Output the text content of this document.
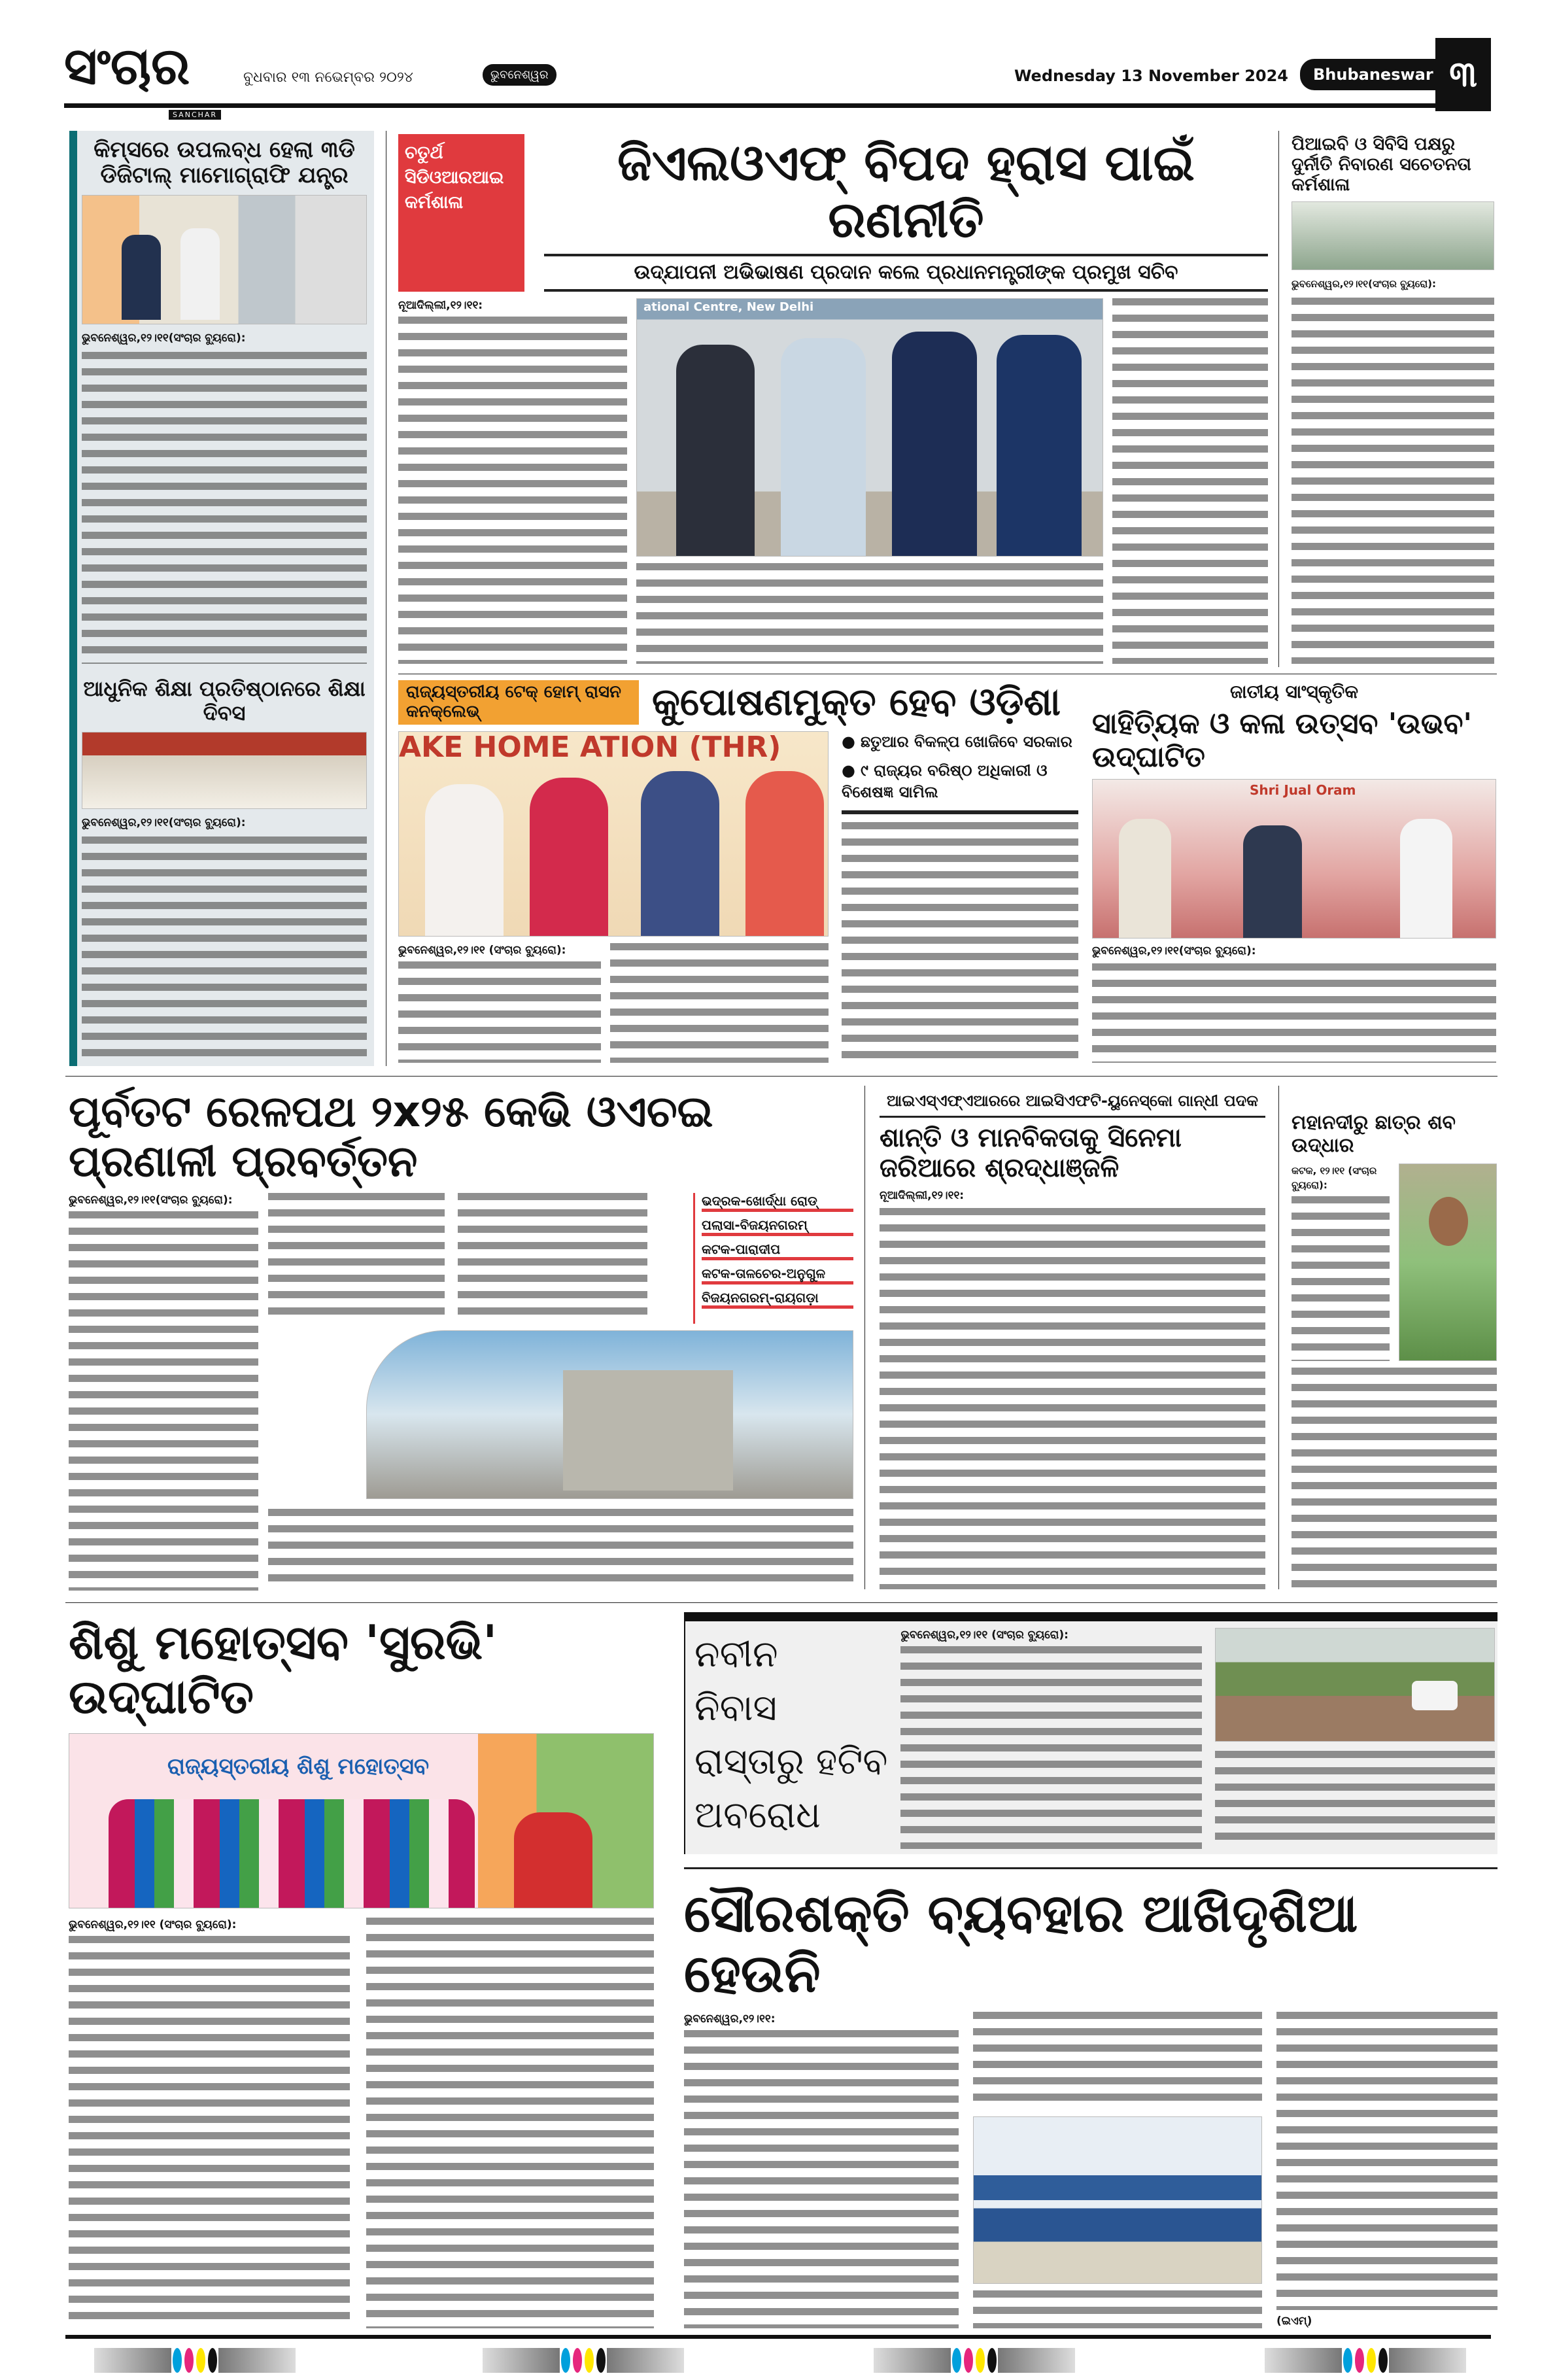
ସଂଚାର	ବୁଧବାର ୧୩ ନଭେମ୍ବର ୨୦୨୪	ଭୁବନେଶ୍ୱର	Wednesday 13 November 2024	Bhubaneswar ୩
SANCHAR
କିମ୍ସରେ ଉପଲବ୍ଧ ହେଲା ୩ଡି ଡିଜିଟାଲ୍ ମାମୋଗ୍ରାଫି ଯନ୍ତ୍ର
ଭୁବନେଶ୍ୱର,୧୨।୧୧(ସଂଚାର ବ୍ୟୁରୋ):
ଆଧୁନିକ ଶିକ୍ଷା ପ୍ରତିଷ୍ଠାନରେ ଶିକ୍ଷା ଦିବସ
ଭୁବନେଶ୍ୱର,୧୨।୧୧(ସଂଚାର ବ୍ୟୁରୋ):
ଚତୁର୍ଥ ସିଡିଓଆରଆଇ କର୍ମଶାଳା
ଜିଏଲଓଏଫ୍ ବିପଦ ହ୍ରାସ ପାଇଁ ରଣନୀତି
ଉଦ୍‌ଯାପନୀ ଅଭିଭାଷଣ ପ୍ରଦାନ କଲେ ପ୍ରଧାନମନ୍ତ୍ରୀଙ୍କ ପ୍ରମୁଖ ସଚିବ
ନୂଆଦିଲ୍ଲୀ,୧୨।୧୧:	ational Centre, New Delhi
ପିଆଇବି ଓ ସିବିସି ପକ୍ଷରୁ ଦୁର୍ନୀତି ନିବାରଣ ସଚେତନତା କର୍ମଶାଳା
ଭୁବନେଶ୍ୱର,୧୨।୧୧(ସଂଚାର ବ୍ୟୁରୋ):
ରାଜ୍ୟସ୍ତରୀୟ ଟେକ୍ ହୋମ୍ ରାସନ କନକ୍ଲେଭ୍	କୁପୋଷଣମୁକ୍ତ ହେବ ଓଡ଼ିଶା
AKE HOME ATION (THR)
ଭୁବନେଶ୍ୱର,୧୨।୧୧ (ସଂଚାର ବ୍ୟୁରୋ):
● ଛତୁଆର ବିକଳ୍ପ ଖୋଜିବେ ସରକାର
● ୯ ରାଜ୍ୟର ବରିଷ୍ଠ ଅଧିକାରୀ ଓ ବିଶେଷଜ୍ଞ ସାମିଲ
ଜାତୀୟ ସାଂସ୍କୃତିକ
ସାହିତ୍ୟିକ ଓ କଳା ଉତ୍ସବ 'ଉଭବ' ଉଦ୍‌ଘାଟିତ
Shri Jual Oram
ଭୁବନେଶ୍ୱର,୧୨।୧୧(ସଂଚାର ବ୍ୟୁରୋ):
ପୂର୍ବତଟ ରେଳପଥ ୨x୨୫ କେଭି ଓଏଚଇ ପ୍ରଣାଳୀ ପ୍ରବର୍ତ୍ତନ
ଭୁବନେଶ୍ୱର,୧୨।୧୧(ସଂଚାର ବ୍ୟୁରୋ):	ଭଦ୍ରକ-ଖୋର୍ଦ୍ଧା ରୋଡ୍
ପଲାସା-ବିଜୟନଗରମ୍
କଟକ-ପାରାଦୀପ
କଟକ-ତାଳଚେର-ଅନୁଗୁଳ
ବିଜୟନଗରମ୍-ରାୟଗଡ଼ା
ଆଇଏସ୍‌ଏଫ୍‌ଏଆରରେ ଆଇସିଏଫଟି-ୟୁନେସ୍କୋ ଗାନ୍ଧୀ ପଦକ
ଶାନ୍ତି ଓ ମାନବିକତାକୁ ସିନେମା ଜରିଆରେ ଶ୍ରଦ୍ଧାଞ୍ଜଳି
ନୂଆଦିଲ୍ଲୀ,୧୨।୧୧:
ମହାନଦୀରୁ ଛାତ୍ର ଶବ ଉଦ୍ଧାର
କଟକ, ୧୨।୧୧ (ସଂଚାର ବ୍ୟୁରୋ):
ଶିଶୁ ମହୋତ୍ସବ 'ସୁରଭି' ଉଦ୍‌ଘାଟିତ
ରାଜ୍ୟସ୍ତରୀୟ ଶିଶୁ ମହୋତ୍ସବ
ଭୁବନେଶ୍ୱର,୧୨।୧୧ (ସଂଚାର ବ୍ୟୁରୋ):
ନବୀନ
ନିବାସ
ରାସ୍ତାରୁ ହଟିବ
ଅବରୋଧ
ଭୁବନେଶ୍ୱର,୧୨।୧୧ (ସଂଚାର ବ୍ୟୁରୋ):
ସୌରଶକ୍ତି ବ୍ୟବହାର ଆଖିଦୃଶିଆ ହେଉନି
ଭୁବନେଶ୍ୱର,୧୨।୧୧:
(ଇଏମ୍)
